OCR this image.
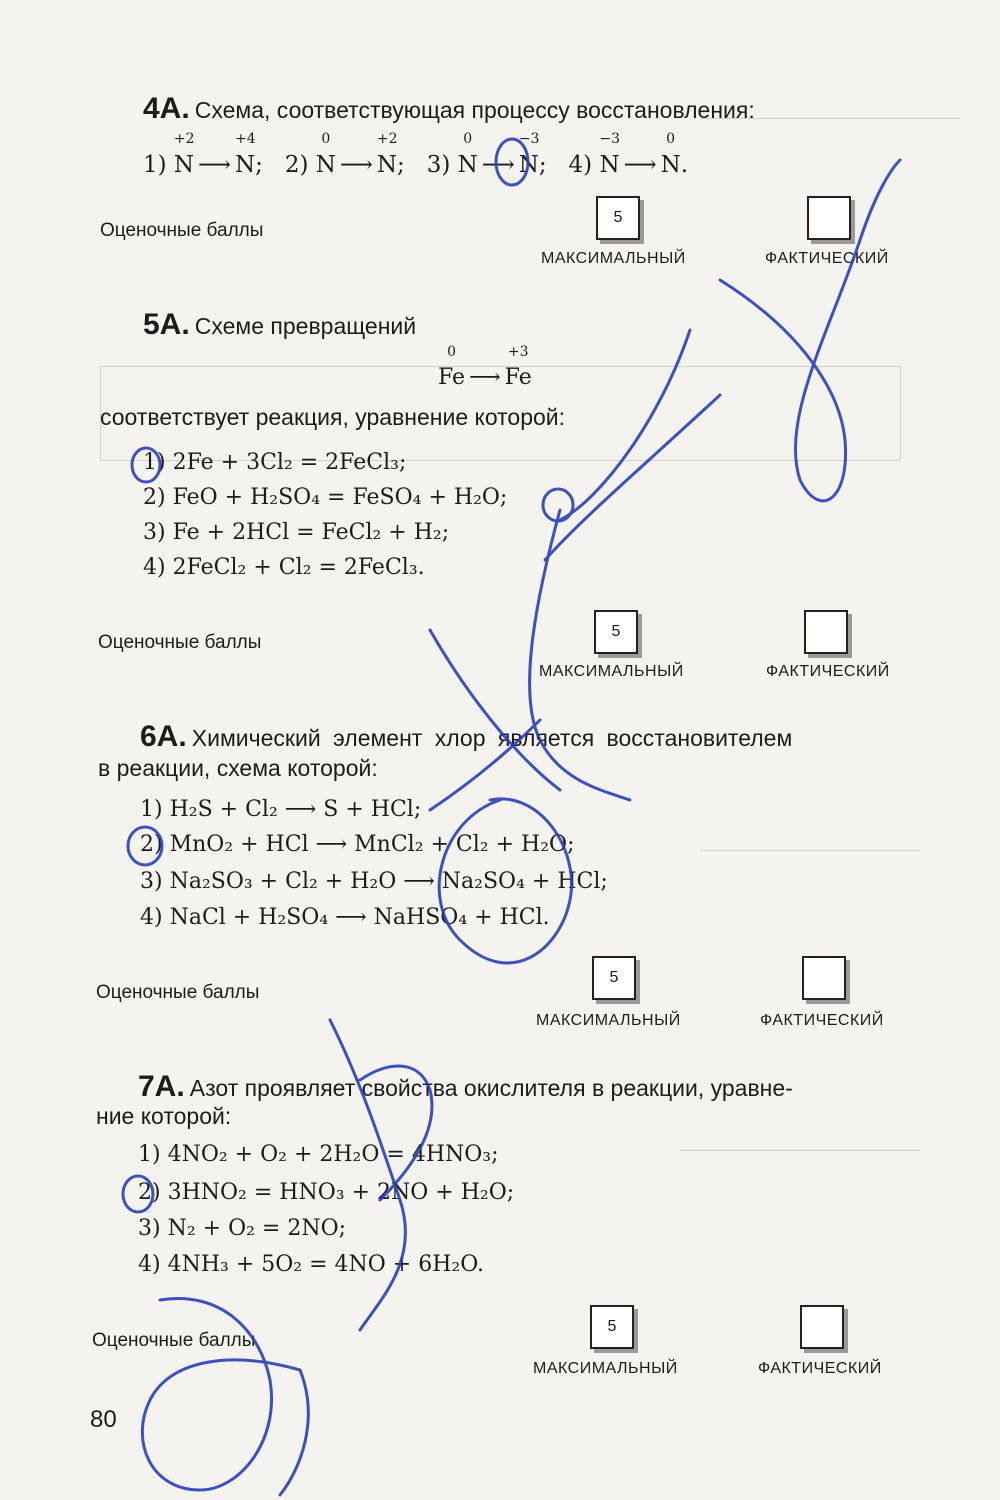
4А. Схема, соответствующая процессу восстановления:
1) N
+2
⟶ N
+4
; 2) N
0
⟶ N
+2
; 3) N
0
⟶ N
−3
; 4) N
−3
⟶ N
0
.
Оценочные баллы
5
МАКСИМАЛЬНЫЙ	ФАКТИЧЕСКИЙ
5А. Схеме превращений
Fe
0
⟶ Fe
+3
соответствует реакция, уравнение которой:
1) 2Fe + 3Cl₂ = 2FeCl₃;
2) FeO + H₂SO₄ = FeSO₄ + H₂O;
3) Fe + 2HCl = FeCl₂ + H₂;
4) 2FeCl₂ + Cl₂ = 2FeCl₃.
Оценочные баллы
5
МАКСИМАЛЬНЫЙ	ФАКТИЧЕСКИЙ
6А. Химический элемент хлор является восстановителем
в реакции, схема которой:
1) H₂S + Cl₂ ⟶ S + HCl;
2) MnO₂ + HCl ⟶ MnCl₂ + Cl₂ + H₂O;
3) Na₂SO₃ + Cl₂ + H₂O ⟶ Na₂SO₄ + HCl;
4) NaCl + H₂SO₄ ⟶ NaHSO₄ + HCl.
Оценочные баллы
5
МАКСИМАЛЬНЫЙ	ФАКТИЧЕСКИЙ
7А. Азот проявляет свойства окислителя в реакции, уравне-
ние которой:
1) 4NO₂ + O₂ + 2H₂O = 4HNO₃;
2) 3HNO₂ = HNO₃ + 2NO + H₂O;
3) N₂ + O₂ = 2NO;
4) 4NH₃ + 5O₂ = 4NO + 6H₂O.
Оценочные баллы
5
МАКСИМАЛЬНЫЙ	ФАКТИЧЕСКИЙ
80
